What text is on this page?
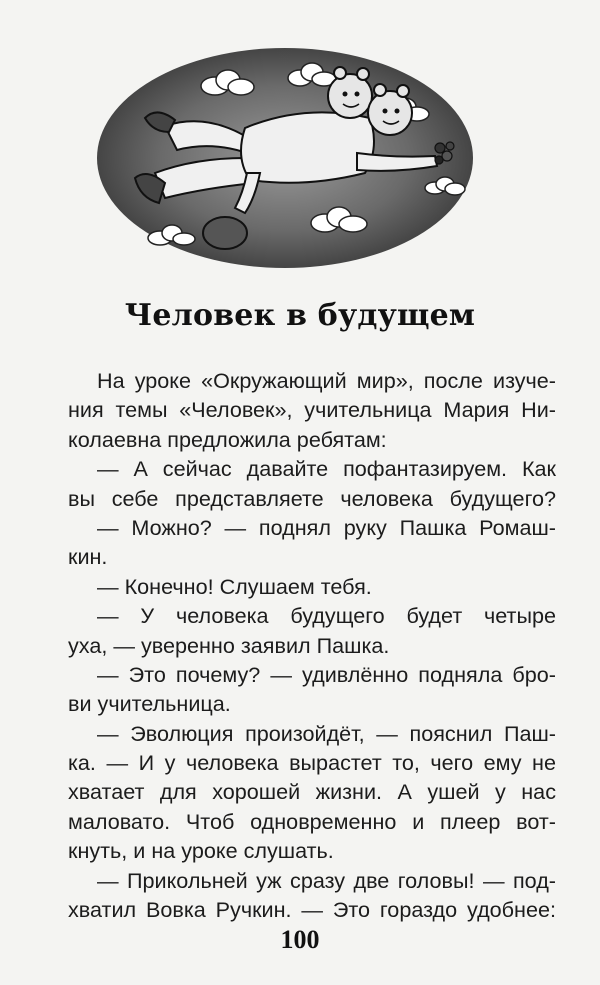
Человек в будущем
На уроке «Окружающий мир», после изуче-
ния темы «Человек», учительница Мария Ни-
колаевна предложила ребятам:
— А сейчас давайте пофантазируем. Как
вы себе представляете человека будущего?
— Можно? — поднял руку Пашка Ромаш-
кин.
— Конечно! Слушаем тебя.
— У человека будущего будет четыре
уха, — уверенно заявил Пашка.
— Это почему? — удивлённо подняла бро-
ви учительница.
— Эволюция произойдёт, — пояснил Паш-
ка. — И у человека вырастет то, чего ему не
хватает для хорошей жизни. А ушей у нас
маловато. Чтоб одновременно и плеер вот-
кнуть, и на уроке слушать.
— Прикольней уж сразу две головы! — под-
хватил Вовка Ручкин. — Это гораздо удобнее:
100
